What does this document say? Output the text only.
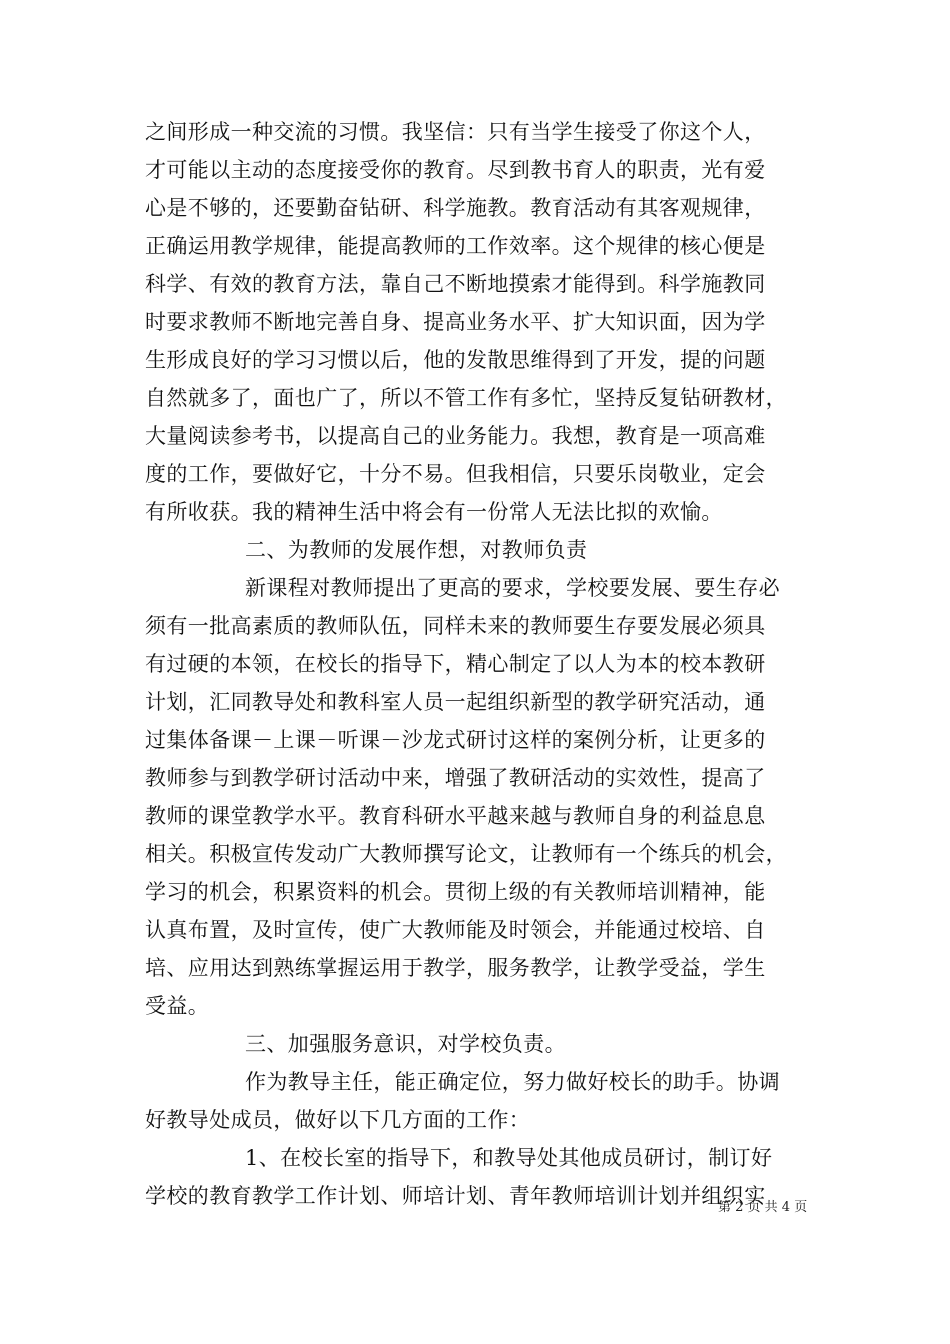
之间形成一种交流的习惯。我坚信：只有当学生接受了你这个人，
才可能以主动的态度接受你的教育。尽到教书育人的职责，光有爱
心是不够的，还要勤奋钻研、科学施教。教育活动有其客观规律，
正确运用教学规律，能提高教师的工作效率。这个规律的核心便是
科学、有效的教育方法，靠自己不断地摸索才能得到。科学施教同
时要求教师不断地完善自身、提高业务水平、扩大知识面，因为学
生形成良好的学习习惯以后，他的发散思维得到了开发，提的问题
自然就多了，面也广了，所以不管工作有多忙，坚持反复钻研教材，
大量阅读参考书，以提高自己的业务能力。我想，教育是一项高难
度的工作，要做好它，十分不易。但我相信，只要乐岗敬业，定会
有所收获。我的精神生活中将会有一份常人无法比拟的欢愉。
二、为教师的发展作想，对教师负责
新课程对教师提出了更高的要求，学校要发展、要生存必
须有一批高素质的教师队伍，同样未来的教师要生存要发展必须具
有过硬的本领，在校长的指导下，精心制定了以人为本的校本教研
计划，汇同教导处和教科室人员一起组织新型的教学研究活动，通
过集体备课－上课－听课－沙龙式研讨这样的案例分析，让更多的
教师参与到教学研讨活动中来，增强了教研活动的实效性，提高了
教师的课堂教学水平。教育科研水平越来越与教师自身的利益息息
相关。积极宣传发动广大教师撰写论文，让教师有一个练兵的机会，
学习的机会，积累资料的机会。贯彻上级的有关教师培训精神，能
认真布置，及时宣传，使广大教师能及时领会，并能通过校培、自
培、应用达到熟练掌握运用于教学，服务教学，让教学受益，学生
受益。
三、加强服务意识，对学校负责。
作为教导主任，能正确定位，努力做好校长的助手。协调
好教导处成员，做好以下几方面的工作：
1、在校长室的指导下，和教导处其他成员研讨，制订好
学校的教育教学工作计划、师培计划、青年教师培训计划并组织实
第 2 页 共 4 页
